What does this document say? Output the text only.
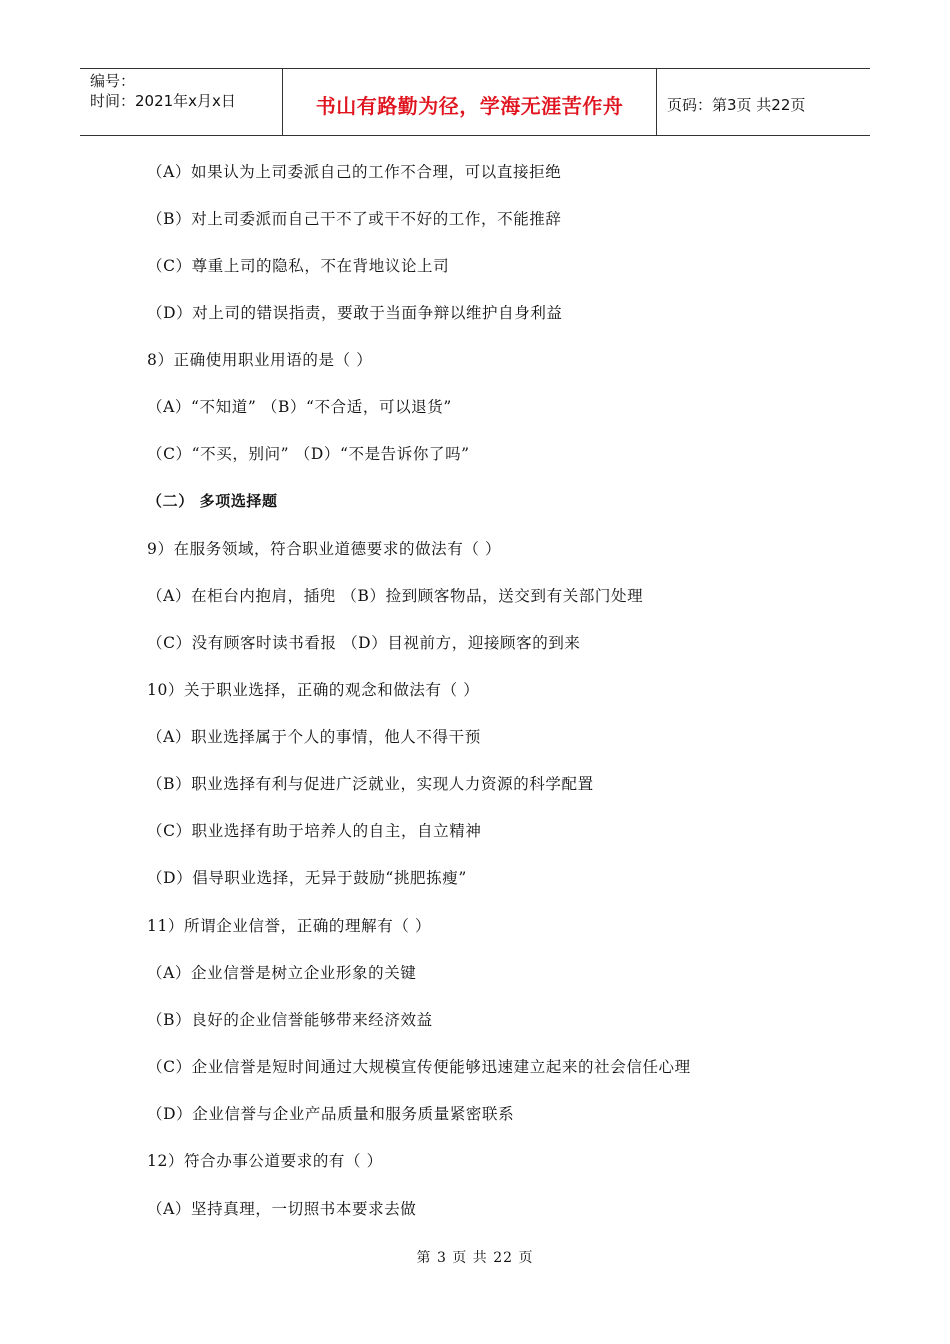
编号：
时间：2021年x月x日	书山有路勤为径，学海无涯苦作舟	页码：第3页 共22页
（A）如果认为上司委派自己的工作不合理，可以直接拒绝
（B）对上司委派而自己干不了或干不好的工作，不能推辞
（C）尊重上司的隐私，不在背地议论上司
（D）对上司的错误指责，要敢于当面争辩以维护自身利益
8）正确使用职业用语的是（ ）
（A）“不知道” （B）“不合适，可以退货”
（C）“不买，别问” （D）“不是告诉你了吗”
（二） 多项选择题
9）在服务领域，符合职业道德要求的做法有（ ）
（A）在柜台内抱肩，插兜 （B）捡到顾客物品，送交到有关部门处理
（C）没有顾客时读书看报 （D）目视前方，迎接顾客的到来
10）关于职业选择，正确的观念和做法有（ ）
（A）职业选择属于个人的事情，他人不得干预
（B）职业选择有利与促进广泛就业，实现人力资源的科学配置
（C）职业选择有助于培养人的自主，自立精神
（D）倡导职业选择，无异于鼓励“挑肥拣瘦”
11）所谓企业信誉，正确的理解有（ ）
（A）企业信誉是树立企业形象的关键
（B）良好的企业信誉能够带来经济效益
（C）企业信誉是短时间通过大规模宣传便能够迅速建立起来的社会信任心理
（D）企业信誉与企业产品质量和服务质量紧密联系
12）符合办事公道要求的有（ ）
（A）坚持真理，一切照书本要求去做
第 3 页 共 22 页
